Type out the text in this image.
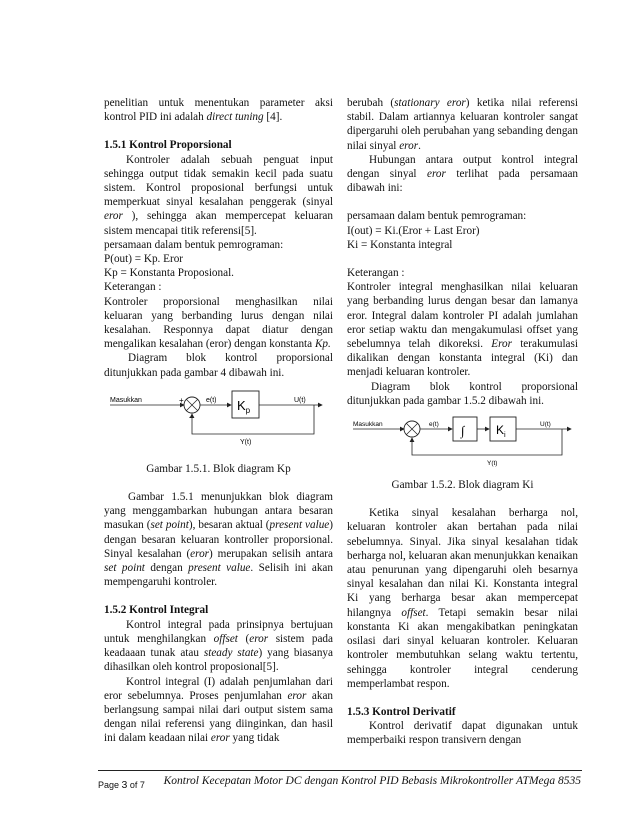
penelitian untuk menentukan parameter aksi kontrol PID ini adalah direct tuning [4].

1.5.1 Kontrol Proporsional

Kontroler adalah sebuah penguat input sehingga output tidak semakin kecil pada suatu sistem. Kontrol proposional berfungsi untuk memperkuat sinyal kesalahan penggerak (sinyal eror ), sehingga akan mempercepat keluaran sistem mencapai titik referensi[5].

persamaan dalam bentuk pemrograman:

P(out) = Kp. Eror

Kp = Konstanta Proposional.

Keterangan :

Kontroler proporsional menghasilkan nilai keluaran yang berbanding lurus dengan nilai kesalahan. Responnya dapat diatur dengan mengalikan kesalahan (eror) dengan konstanta Kp.

Diagram blok kontrol proporsional ditunjukkan pada gambar 4 dibawah ini.

Masukkan	+
-
e(t) $K_p$
U(t)
Y(t)

Gambar 1.5.1. Blok diagram Kp

Gambar 1.5.1 menunjukkan blok diagram yang menggambarkan hubungan antara besaran masukan (set point), besaran aktual (present value) dengan besaran keluaran kontroller proporsional. Sinyal kesalahan (eror) merupakan selisih antara set point dengan present value. Selisih ini akan mempengaruhi kontroler.

1.5.2 Kontrol Integral

Kontrol integral pada prinsipnya bertujuan untuk menghilangkan offset (eror sistem pada keadaaan tunak atau steady state) yang biasanya dihasilkan oleh kontrol proposional[5].

Kontrol integral (I) adalah penjumlahan dari eror sebelumnya. Proses penjumlahan eror akan berlangsung sampai nilai dari output sistem sama dengan nilai referensi yang diinginkan, dan hasil ini dalam keadaan nilai eror yang tidak

berubah (stationary eror) ketika nilai referensi stabil. Dalam artiannya keluaran kontroler sangat dipergaruhi oleh perubahan yang sebanding dengan nilai sinyal eror.

Hubungan antara output kontrol integral dengan sinyal eror terlihat pada persamaan dibawah ini:

persamaan dalam bentuk pemrograman:

I(out) = Ki.(Eror + Last Eror)

Ki = Konstanta integral

Keterangan :

Kontroler integral menghasilkan nilai keluaran yang berbanding lurus dengan besar dan lamanya eror. Integral dalam kontroler PI adalah jumlahan eror setiap waktu dan mengakumulasi offset yang sebelumnya telah dikoreksi. Eror terakumulasi dikalikan dengan konstanta integral (Ki) dan menjadi keluaran kontroler.

Diagram blok kontrol proporsional ditunjukkan pada gambar 1.5.2 dibawah ini.

Masukkan	e(t) ∫	$K_i$
U(t)
Y(t)

Gambar 1.5.2. Blok diagram Ki

Ketika sinyal kesalahan berharga nol, keluaran kontroler akan bertahan pada nilai sebelumnya. Sinyal. Jika sinyal kesalahan tidak berharga nol, keluaran akan menunjukkan kenaikan atau penurunan yang dipengaruhi oleh besarnya sinyal kesalahan dan nilai Ki. Konstanta integral Ki yang berharga besar akan mempercepat hilangnya offset. Tetapi semakin besar nilai konstanta Ki akan mengakibatkan peningkatan osilasi dari sinyal keluaran kontroler. Keluaran kontroler membutuhkan selang waktu tertentu, sehingga kontroler integral cenderung memperlambat respon.

1.5.3 Kontrol Derivatif

Kontrol derivatif dapat digunakan untuk memperbaiki respon transivern dengan

Page 3 of 7	Kontrol Kecepatan Motor DC dengan Kontrol PID Bebasis Mikrokontroller ATMega 8535
